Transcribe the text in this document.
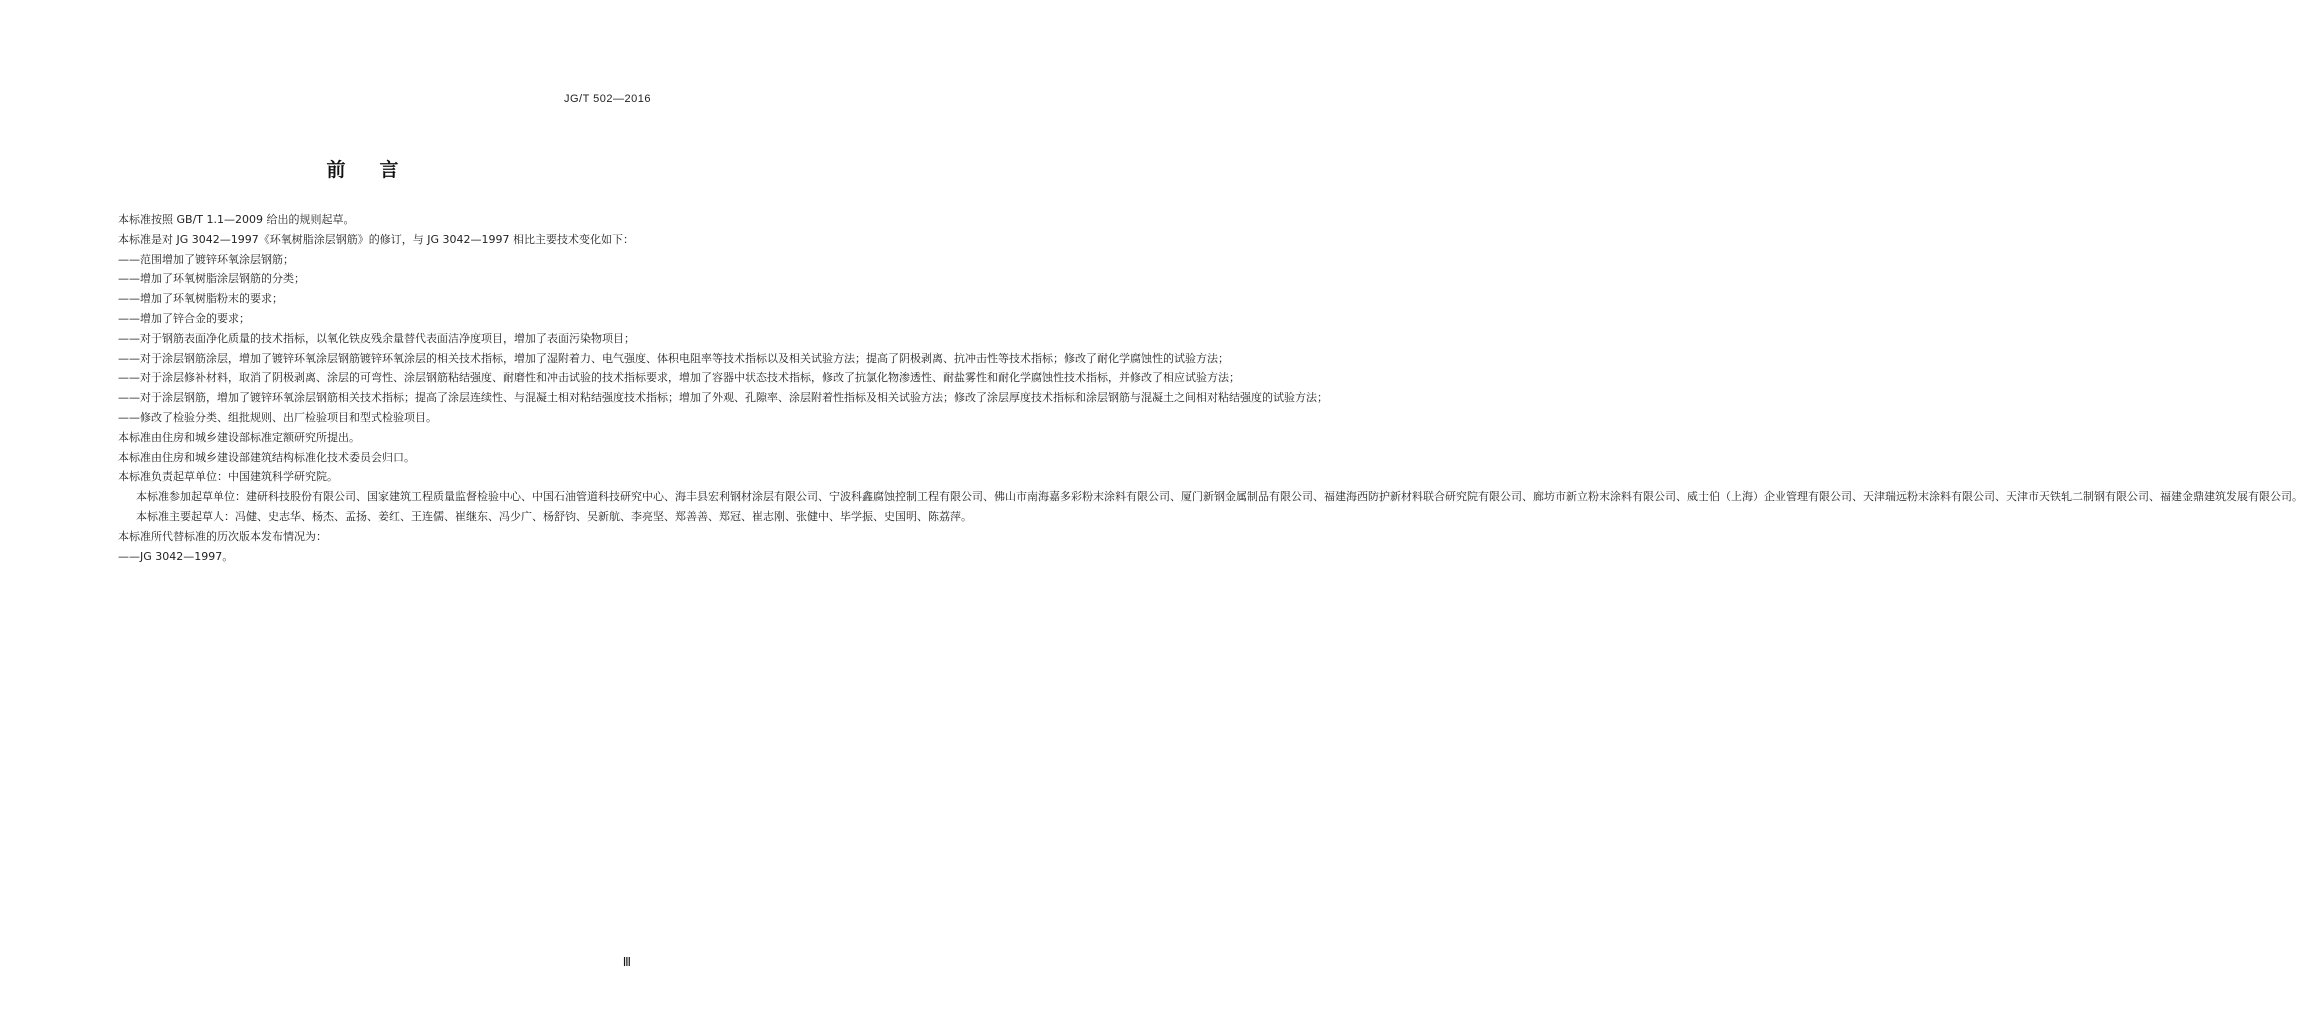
JG/T 502—2016
前言

本标准按照 GB/T 1.1—2009 给出的规则起草。

本标准是对 JG 3042—1997《环氧树脂涂层钢筋》的修订，与 JG 3042—1997 相比主要技术变化如下：

——范围增加了镀锌环氧涂层钢筋；

——增加了环氧树脂涂层钢筋的分类；

——增加了环氧树脂粉末的要求；

——增加了锌合金的要求；

——对于钢筋表面净化质量的技术指标，以氧化铁皮残余量替代表面洁净度项目，增加了表面污染物项目；

——对于涂层钢筋涂层，增加了镀锌环氧涂层钢筋镀锌环氧涂层的相关技术指标，增加了湿附着力、电气强度、体积电阻率等技术指标以及相关试验方法；提高了阴极剥离、抗冲击性等技术指标；修改了耐化学腐蚀性的试验方法；

——对于涂层修补材料，取消了阴极剥离、涂层的可弯性、涂层钢筋粘结强度、耐磨性和冲击试验的技术指标要求，增加了容器中状态技术指标，修改了抗氯化物渗透性、耐盐雾性和耐化学腐蚀性技术指标，并修改了相应试验方法；

——对于涂层钢筋，增加了镀锌环氧涂层钢筋相关技术指标；提高了涂层连续性、与混凝土相对粘结强度技术指标；增加了外观、孔隙率、涂层附着性指标及相关试验方法；修改了涂层厚度技术指标和涂层钢筋与混凝土之间相对粘结强度的试验方法；

——修改了检验分类、组批规则、出厂检验项目和型式检验项目。

本标准由住房和城乡建设部标准定额研究所提出。

本标准由住房和城乡建设部建筑结构标准化技术委员会归口。

本标准负责起草单位：中国建筑科学研究院。

本标准参加起草单位：建研科技股份有限公司、国家建筑工程质量监督检验中心、中国石油管道科技研究中心、海丰县宏利钢材涂层有限公司、宁波科鑫腐蚀控制工程有限公司、佛山市南海嘉多彩粉末涂料有限公司、厦门新钢金属制品有限公司、福建海西防护新材料联合研究院有限公司、廊坊市新立粉末涂料有限公司、威士伯（上海）企业管理有限公司、天津瑞远粉末涂料有限公司、天津市天铁轧二制钢有限公司、福建金鼎建筑发展有限公司。

本标准主要起草人：冯健、史志华、杨杰、孟扬、姜红、王连儒、崔继东、冯少广、杨舒钧、吴新航、李亮坚、郑善善、郑冠、崔志刚、张健中、毕学振、史国明、陈荔萍。

本标准所代替标准的历次版本发布情况为：

——JG 3042—1997。

Ⅲ
